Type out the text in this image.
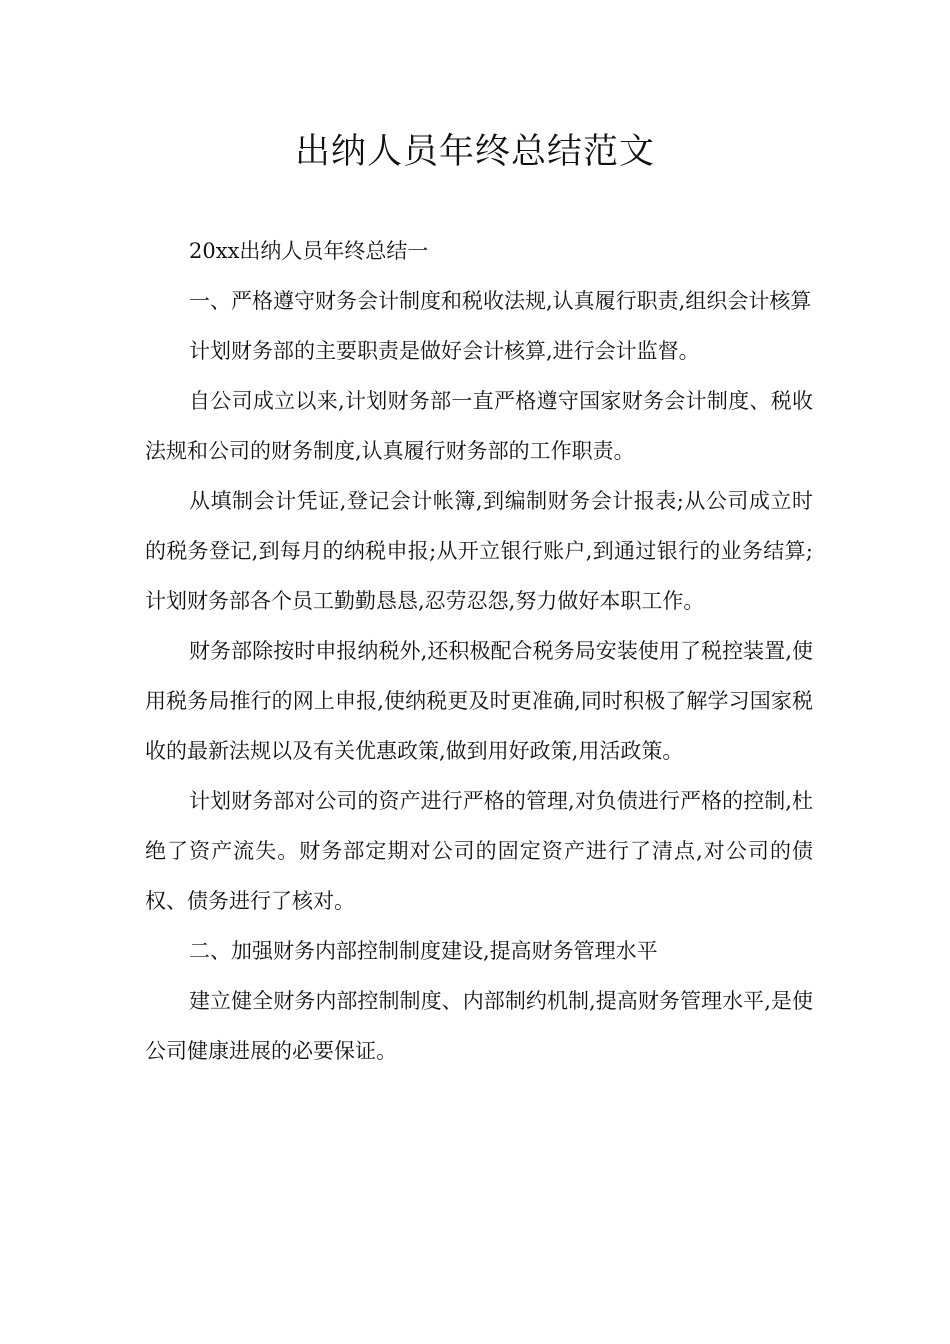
出纳人员年终总结范文

20xx出纳人员年终总结一

一、严格遵守财务会计制度和税收法规,认真履行职责,组织会计核算

计划财务部的主要职责是做好会计核算,进行会计监督。

自公司成立以来,计划财务部一直严格遵守国家财务会计制度、税收法规和公司的财务制度,认真履行财务部的工作职责。

从填制会计凭证,登记会计帐簿,到编制财务会计报表;从公司成立时的税务登记,到每月的纳税申报;从开立银行账户,到通过银行的业务结算;计划财务部各个员工勤勤恳恳,忍劳忍怨,努力做好本职工作。

财务部除按时申报纳税外,还积极配合税务局安装使用了税控装置,使用税务局推行的网上申报,使纳税更及时更准确,同时积极了解学习国家税收的最新法规以及有关优惠政策,做到用好政策,用活政策。

计划财务部对公司的资产进行严格的管理,对负债进行严格的控制,杜绝了资产流失。财务部定期对公司的固定资产进行了清点,对公司的债权、债务进行了核对。

二、加强财务内部控制制度建设,提高财务管理水平

建立健全财务内部控制制度、内部制约机制,提高财务管理水平,是使公司健康进展的必要保证。
